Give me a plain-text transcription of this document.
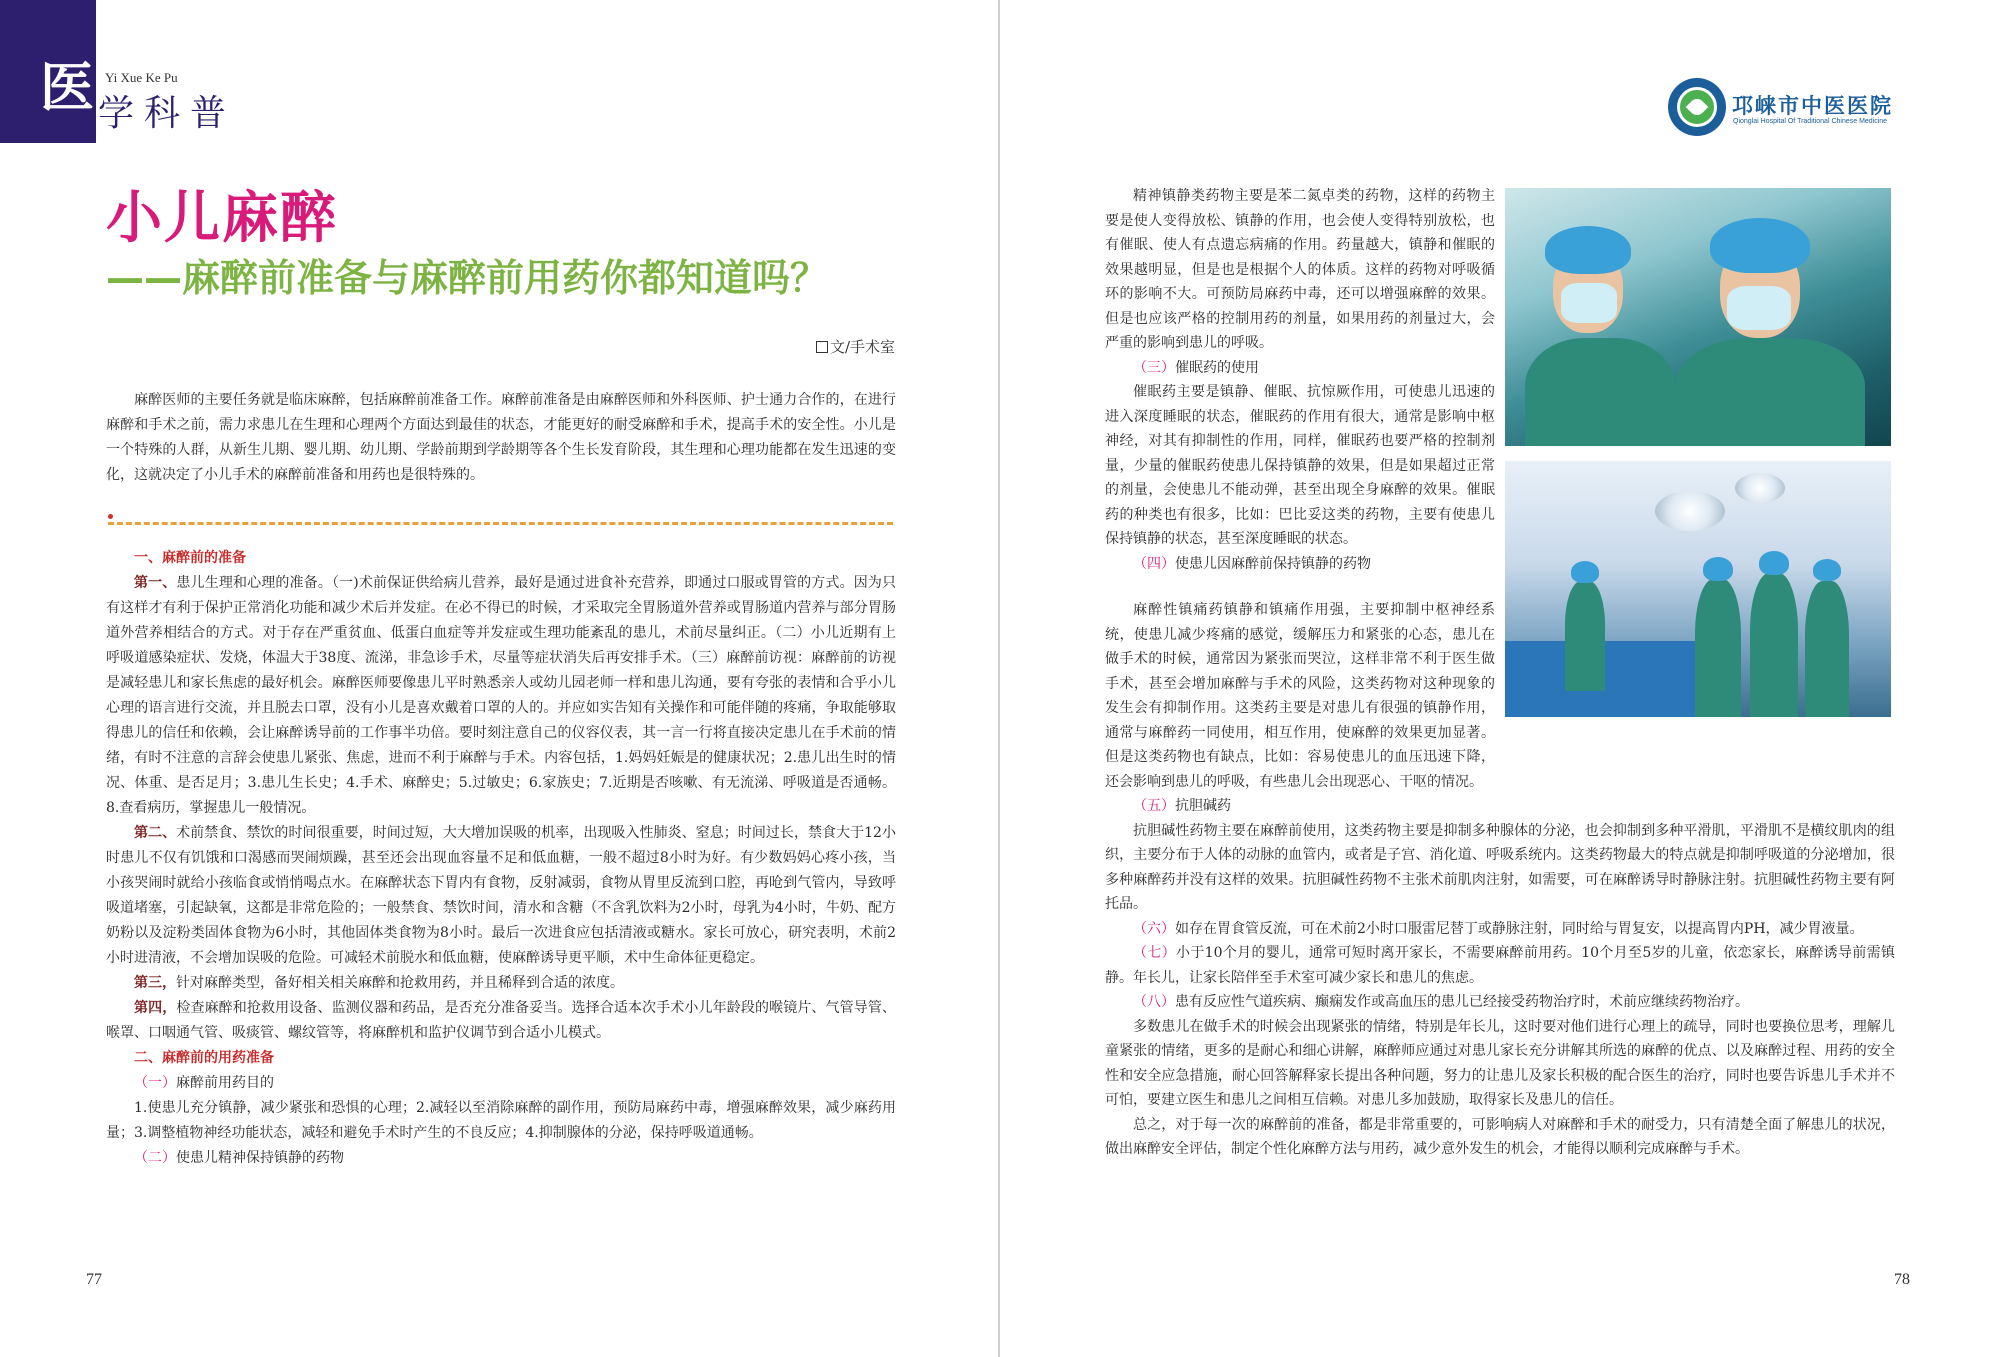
医 Yi Xue Ke Pu
学科普
小儿麻醉
——麻醉前准备与麻醉前用药你都知道吗？
文/手术室

麻醉医师的主要任务就是临床麻醉，包括麻醉前准备工作。麻醉前准备是由麻醉医师和外科医师、护士通力合作的，在进行麻醉和手术之前，需力求患儿在生理和心理两个方面达到最佳的状态，才能更好的耐受麻醉和手术，提高手术的安全性。小儿是一个特殊的人群，从新生儿期、婴儿期、幼儿期、学龄前期到学龄期等各个生长发育阶段，其生理和心理功能都在发生迅速的变化，这就决定了小儿手术的麻醉前准备和用药也是很特殊的。

一、麻醉前的准备

第一、患儿生理和心理的准备。（一)术前保证供给病儿营养，最好是通过进食补充营养，即通过口服或胃管的方式。因为只有这样才有利于保护正常消化功能和减少术后并发症。在必不得已的时候，才采取完全胃肠道外营养或胃肠道内营养与部分胃肠道外营养相结合的方式。对于存在严重贫血、低蛋白血症等并发症或生理功能紊乱的患儿，术前尽量纠正。（二）小儿近期有上呼吸道感染症状、发烧，体温大于38度、流涕，非急诊手术，尽量等症状消失后再安排手术。（三）麻醉前访视：麻醉前的访视是减轻患儿和家长焦虑的最好机会。麻醉医师要像患儿平时熟悉亲人或幼儿园老师一样和患儿沟通，要有夸张的表情和合乎小儿心理的语言进行交流，并且脱去口罩，没有小儿是喜欢戴着口罩的人的。并应如实告知有关操作和可能伴随的疼痛，争取能够取得患儿的信任和依赖，会让麻醉诱导前的工作事半功倍。要时刻注意自己的仪容仪表，其一言一行将直接决定患儿在手术前的情绪，有时不注意的言辞会使患儿紧张、焦虑，进而不利于麻醉与手术。内容包括，1.妈妈妊娠是的健康状况；2.患儿出生时的情况、体重、是否足月；3.患儿生长史；4.手术、麻醉史；5.过敏史；6.家族史；7.近期是否咳嗽、有无流涕、呼吸道是否通畅。8.查看病历，掌握患儿一般情况。

第二、术前禁食、禁饮的时间很重要，时间过短，大大增加误吸的机率，出现吸入性肺炎、窒息；时间过长，禁食大于12小时患儿不仅有饥饿和口渴感而哭闹烦躁，甚至还会出现血容量不足和低血糖，一般不超过8小时为好。有少数妈妈心疼小孩，当小孩哭闹时就给小孩临食或悄悄喝点水。在麻醉状态下胃内有食物，反射减弱，食物从胃里反流到口腔，再呛到气管内，导致呼吸道堵塞，引起缺氧，这都是非常危险的；一般禁食、禁饮时间，清水和含糖（不含乳饮料为2小时，母乳为4小时，牛奶、配方奶粉以及淀粉类固体食物为6小时，其他固体类食物为8小时。最后一次进食应包括清液或糖水。家长可放心，研究表明，术前2小时进清液，不会增加误吸的危险。可减轻术前脱水和低血糖，使麻醉诱导更平顺，术中生命体征更稳定。

第三，针对麻醉类型，备好相关相关麻醉和抢救用药，并且稀释到合适的浓度。

第四，检查麻醉和抢救用设备、监测仪器和药品，是否充分准备妥当。选择合适本次手术小儿年龄段的喉镜片、气管导管、喉罩、口咽通气管、吸痰管、螺纹管等，将麻醉机和监护仪调节到合适小儿模式。

二、麻醉前的用药准备
（一）麻醉前用药目的

1.使患儿充分镇静，减少紧张和恐惧的心理；2.减轻以至消除麻醉的副作用，预防局麻药中毒，增强麻醉效果，减少麻药用量；3.调整植物神经功能状态，减轻和避免手术时产生的不良反应；4.抑制腺体的分泌，保持呼吸道通畅。

（二）使患儿精神保持镇静的药物
77
邛崃市中医医院
Qionglai Hospital Of Traditional Chinese Medicine

精神镇静类药物主要是苯二氮卓类的药物，这样的药物主要是使人变得放松、镇静的作用，也会使人变得特别放松，也有催眠、使人有点遗忘病痛的作用。药量越大，镇静和催眠的效果越明显，但是也是根据个人的体质。这样的药物对呼吸循环的影响不大。可预防局麻药中毒，还可以增强麻醉的效果。但是也应该严格的控制用药的剂量，如果用药的剂量过大，会严重的影响到患儿的呼吸。

（三）催眠药的使用

催眠药主要是镇静、催眠、抗惊厥作用，可使患儿迅速的进入深度睡眠的状态，催眠药的作用有很大，通常是影响中枢神经，对其有抑制性的作用，同样，催眠药也要严格的控制剂量，少量的催眠药使患儿保持镇静的效果，但是如果超过正常的剂量，会使患儿不能动弹，甚至出现全身麻醉的效果。催眠药的种类也有很多，比如：巴比妥这类的药物，主要有使患儿保持镇静的状态，甚至深度睡眠的状态。

（四）使患儿因麻醉前保持镇静的药物

麻醉性镇痛药镇静和镇痛作用强，主要抑制中枢神经系统，使患儿减少疼痛的感觉，缓解压力和紧张的心态，患儿在做手术的时候，通常因为紧张而哭泣，这样非常不利于医生做手术，甚至会增加麻醉与手术的风险，这类药物对这种现象的发生会有抑制作用。这类药主要是对患儿有很强的镇静作用，通常与麻醉药一同使用，相互作用，使麻醉的效果更加显著。但是这类药物也有缺点，比如：容易使患儿的血压迅速下降，还会影响到患儿的呼吸，有些患儿会出现恶心、干呕的情况。

（五）抗胆碱药

抗胆碱性药物主要在麻醉前使用，这类药物主要是抑制多种腺体的分泌，也会抑制到多种平滑肌，平滑肌不是横纹肌肉的组织，主要分布于人体的动脉的血管内，或者是子宫、消化道、呼吸系统内。这类药物最大的特点就是抑制呼吸道的分泌增加，很多种麻醉药并没有这样的效果。抗胆碱性药物不主张术前肌肉注射，如需要，可在麻醉诱导时静脉注射。抗胆碱性药物主要有阿托品。

（六）如存在胃食管反流，可在术前2小时口服雷尼替丁或静脉注射，同时给与胃复安，以提高胃内PH，减少胃液量。

（七）小于10个月的婴儿，通常可短时离开家长，不需要麻醉前用药。10个月至5岁的儿童，依恋家长，麻醉诱导前需镇静。年长儿，让家长陪伴至手术室可减少家长和患儿的焦虑。

（八）患有反应性气道疾病、癫痫发作或高血压的患儿已经接受药物治疗时，术前应继续药物治疗。

多数患儿在做手术的时候会出现紧张的情绪，特别是年长儿，这时要对他们进行心理上的疏导，同时也要换位思考，理解儿童紧张的情绪，更多的是耐心和细心讲解，麻醉师应通过对患儿家长充分讲解其所选的麻醉的优点、以及麻醉过程、用药的安全性和安全应急措施，耐心回答解释家长提出各种问题，努力的让患儿及家长积极的配合医生的治疗，同时也要告诉患儿手术并不可怕，要建立医生和患儿之间相互信赖。对患儿多加鼓励，取得家长及患儿的信任。

总之，对于每一次的麻醉前的准备，都是非常重要的，可影响病人对麻醉和手术的耐受力，只有清楚全面了解患儿的状况，做出麻醉安全评估，制定个性化麻醉方法与用药，减少意外发生的机会，才能得以顺利完成麻醉与手术。

78
